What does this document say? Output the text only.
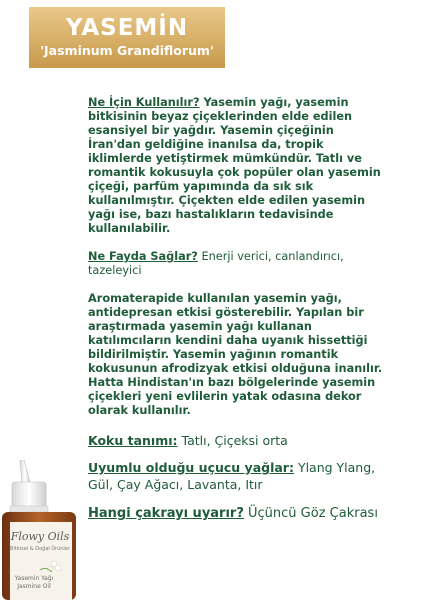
YASEMİN
'Jasminum Grandiflorum'

Ne İçin Kullanılır? Yasemin yağı, yasemin bitkisinin beyaz çiçeklerinden elde edilen esansiyel bir yağdır. Yasemin çiçeğinin İran'dan geldiğine inanılsa da, tropik iklimlerde yetiştirmek mümkündür. Tatlı ve romantik kokusuyla çok popüler olan yasemin çiçeği, parfüm yapımında da sık sık kullanılmıştır. Çiçekten elde edilen yasemin yağı ise, bazı hastalıkların tedavisinde kullanılabilir.

Ne Fayda Sağlar? Enerji verici, canlandırıcı, tazeleyici

Aromaterapide kullanılan yasemin yağı, antidepresan etkisi gösterebilir. Yapılan bir araştırmada yasemin yağı kullanan katılımcıların kendini daha uyanık hissettiği bildirilmiştir. Yasemin yağının romantik kokusunun afrodizyak etkisi olduğuna inanılır. Hatta Hindistan'ın bazı bölgelerinde yasemin çiçekleri yeni evlilerin yatak odasına dekor olarak kullanılır.

Koku tanımı: Tatlı, Çiçeksi orta

Uyumlu olduğu uçucu yağlar: Ylang Ylang, Gül, Çay Ağacı, Lavanta, Itır

Hangi çakrayı uyarır? Üçüncü Göz Çakrası

Flowy Oils
Bitkisel & Doğal Ürünler
Yasemin Yağı
Jasmine Oil
